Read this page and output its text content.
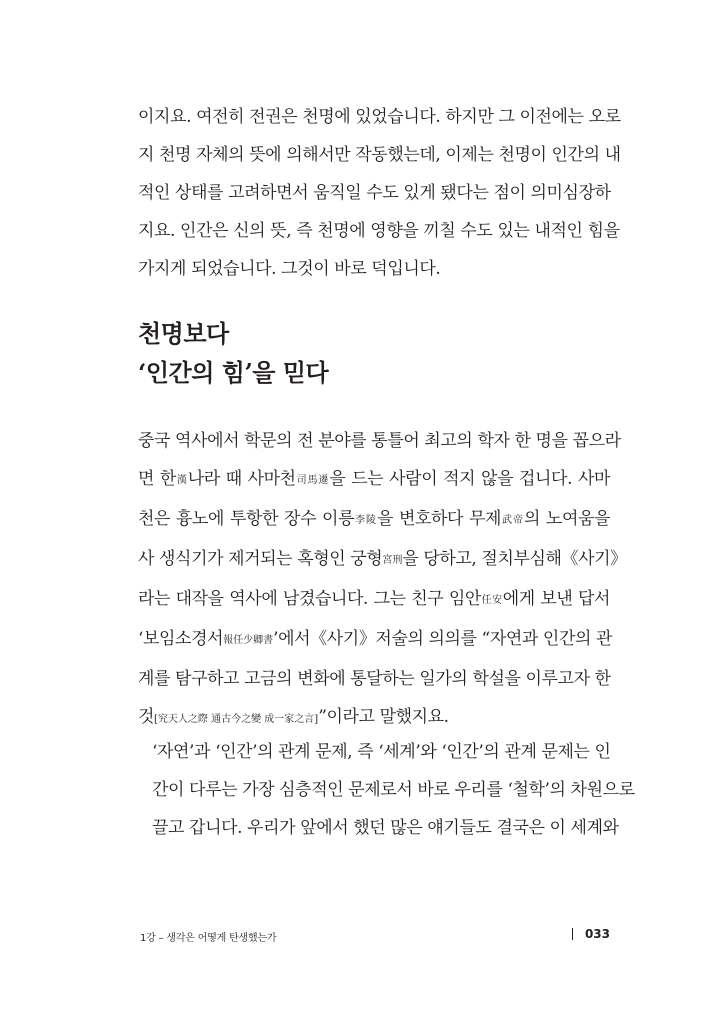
이지요. 여전히 전권은 천명에 있었습니다. 하지만 그 이전에는 오로
지 천명 자체의 뜻에 의해서만 작동했는데, 이제는 천명이 인간의 내
적인 상태를 고려하면서 움직일 수도 있게 됐다는 점이 의미심장하
지요. 인간은 신의 뜻, 즉 천명에 영향을 끼칠 수도 있는 내적인 힘을
가지게 되었습니다. 그것이 바로 덕입니다.

천명보다
‘인간의 힘’을 믿다

중국 역사에서 학문의 전 분야를 통틀어 최고의 학자 한 명을 꼽으라
면 한漢나라 때 사마천司馬遷을 드는 사람이 적지 않을 겁니다. 사마
천은 흉노에 투항한 장수 이릉李陵을 변호하다 무제武帝의 노여움을
사 생식기가 제거되는 혹형인 궁형宮刑을 당하고, 절치부심해《사기》
라는 대작을 역사에 남겼습니다. 그는 친구 임안任安에게 보낸 답서
‘보임소경서報任少卿書’에서《사기》저술의 의의를 “자연과 인간의 관
계를 탐구하고 고금의 변화에 통달하는 일가의 학설을 이루고자 한
것[究天人之際 通古今之變 成一家之言]”이라고 말했지요.

‘자연’과 ‘인간’의 관계 문제, 즉 ‘세계’와 ‘인간’의 관계 문제는 인
간이 다루는 가장 심층적인 문제로서 바로 우리를 ‘철학’의 차원으로
끌고 갑니다. 우리가 앞에서 했던 많은 얘기들도 결국은 이 세계와

1강 – 생각은 어떻게 탄생했는가	033
